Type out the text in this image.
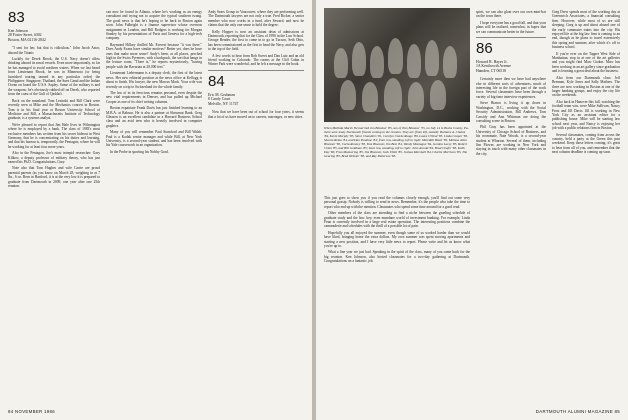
83
Ken Johnson
28 Foster Street, #302
Boston, MA 02116-2842

"I sent for her, but that is ridiculous." John Jacob Astor, aboard the Titanic

Luckily for Derek Brook, the U.S. Navy doesn't allow drinking aboard its naval vessels. Even more importantly, so far he has managed to avoid northern waters. When we last heard from Lieutenant Brook, he was in Minnesota (or being furnished touring tanned in any particular order) the Philippines: Singapore, Thailand, the Suez Canal and the Indian Ocean on board the U.S.S. Sapley. Some of the military is and the weapons: he's obviously rubbed off on Derek, who reported from the coast of the Gulf of Qaddafi.

Back on the mainland, Tom Lesinski and Bill Clark were recently seen at Mike and the Mechanics concert in Boston. Tom is in his final year at Boston University School of Medicine and Bill, a Massachusetts Institute of Technology graduate, is a systems analyst.

We're pleased to report that Jim Hale lives in Wilmington where he is employed by a bank. The class of 1983's most exclusive members has written from his secret hideout in West Germany, that he is concentrating on his duties and learning, and that his bureau is, temporarily, the Pentagon, where he will be working for at least four more years.

Also in the Pentagon, Joe's most intrepid researcher: Gary Kilkow, a deputy professor of military theory, who has just earned his Ph.D. Congratulations, Gary.

Note also that Tom Hughes and wife Carrie are proud parental parents (as you know on March 28, weighing in at 7 lbs., 6 oz. Born in Hartford, it is at the very low it is prepared to graduate from Dartmouth in 2009, one year after one 25th reunion.

can now be found in Atlanta, where he's working as an energy consultant and trying not to acquire the typical southern twang. The good news is that he's hoping to be back in Boston again soon. John Fulbright is a finance supervisor whose overseas assignment in London, and Bill Rodgers is working for Morgan Stanley by his presentations of Paris and Geneva for a high-tech company.

Raymond Hillary thrilled Mr. Everest because "it was there." Does Andy Evans have similar motives? Better yet, does he have ones that make more sense? Andy's been, at all places, perched high in the Swiss Pyrenees, with a backpack, the sort that hangs in the lecture room, "There is," he reports mysteriously, "having people with the Bavarian at 20,000 feet."

Lieutenant Liebermann is a deputy clerk, the first of the latest news. Her new editorial position at the news office at Kellogg is about to finish. His lawyer, the new Marcus Mack. Your wife was recently on a trip to Switzerland for the whole family.

The law of in its ferocious remains personal, even despite the new vital requirements in Denver, and has pulled up Michael Cooper as one of its chief writing columns.

Boston expatriate Frank Davis has just finished learning to an M.B.A. at Babson. He is also a partner at Shawmut Bank. Greg Gleason is an excellent candidate in a Harvard Business School class and an avid teen who is heavily involved in computer graphics.

Many of you will remember Paul Stamford and Bill Walsh. Paul is a Kodak senior manager and while Bill, at New York University, is a second-year student, and has been involved with his Yale coursework in an organization.

In the Probe in sporting his Nobby Grad.

Andy Sears Group in Vancouver, where they are performing well. The Dartmouth lawyers are not only a true. Fred Ricker, a senior member who now works in a fund, after Seward, and now he claims that the only one sense to hold the degree.

Kelly Hopper is now an assistant dean of admissions at Dartmouth, reporting that for the Class of 1990 in the Law School. George Bender, the first to come in to go in Tucson, Seth Ohio, has been commissioned as the first to head the Navy, and also gets to the top of the field.

A few words to hear from Rob Sweet and Dan Lutz and an old friend working in Colorado. The rooms at the Cliff Cabin in Winter Park were wonderful, and he left a message in the book.

84
Eric M. Grubman
8 Candy Court
Melville, NY 11747

Now that we have been out of school for four years, it seems that a lot of us have moved on to careers, marriages, or new cities.

84 NOVEMBER 1986
When Melinda Marsh '84 married Jon Bloomer '85, son of Tom Bloomer '55, on July 14 in Bucks County, Pa., there were many Dartmouth friends coming to the reunion. They are (from left, seated): Barbara A. Chabot '84, Kevin Murphy '85, Steve Chandlers '81, Carolyn Clarke Runge '80, Laura O'Neal '85, Linda Cooper '85, Sharon Reina '84, and Dan Posdnoe '84; front row, standing, left to right: Meredith Bisett '85, Melissa Allen Bloomer '85, Carla Ronney '83, Tom Bloomer, Jim Best '84, Wendy Montague '84, Gordon Lacey '85, Robert Chien '85, and Bill Goldman '85; back row, standing, left to right: John Arnold '84, Brad Chafer '83, Keith Day '80, Fran Mannering '85, Jim Bloomer, Jack Ullett '85, Joshua Marshall '84, Charlie Morrison '85, Tim Gearing '83, Brad Webster '83, and Ray Patterson '83.

This just goes to show you if you read the columns closely enough, you'll find out some very personal gossip. Nobody is willing to send in news. Remember, it's the people who take the time to report who end up with the mention. Classmates who spend some time around for a good read.

Other members of the class are attending to find a niche between the grueling schedule of graduate study and the law: key, even mundane world of investment banking. For example, Linda Feun is currently involved in a large real estate operation. The interesting positions combine the camaraderie and schedules with the thrill of a possible lot of pain.

Hopefully you all enjoyed the summer, even though some of us worked harder than we would have liked, bringing home the extra dollars. My own summer was spent moving apartments and starting a new position, and I have very little news to report. Please write and let us know what you're up to.

What a fine year we just had. Speaking in the spirit of the class, many of you came back for the big reunion. Ken Johnson, also hosted classmates for a two-day gathering at Dartmouth. Congratulations on a fantastic job.

spirit, we can also gloat over our own mini-bar on the town there.

I hope everyone has a good fall, and that your plans will be realized, somewhat, in hopes that we can communicate better in the future.

86
Howard R. Hayes Jr.
1A Kenilworth Avenue
Hamden, CT 06518

Certainly more then we have had anywhere else in different sorts of adventures, much of interesting life in the foreign part of the work force. Several classmates have been through a variety of big-time interview experiences.

Steve Bianco is living it up down in Washington, D.C., working with the Social Security Administration, Bill Andrews, Tom Cassidy and Ann Whitman are doing the consulting scene in Boston.

Phil Gray has been appointed at the University of Chicago School of Business, and his roommate, Nate Woods, is a second-year student at Wharton. Several of them, including Jim Flower, are working in New York and staying in touch with many other classmates in the city.

Greg Drew spends most of the working day at Greenwich Associates, a financial consulting firm. However, while most of us are still sleeping, Greg is up and about aboard one of the early commuter trains into the city. His enjoyed life at the big law firm is coming to an end, though as he plans to travel extensively this spring and summer, after which it's off to business school.

If you're ever on the Tapper West Side of Manhattan, stop in at one of the art galleries and you might find Marc Godon. Marc has been working in an art gallery since graduation and is learning a great deal about the business.

Also from our Dartmouth class: Jeff Brennan, Kyle Jones and Sally Mathers. The three are now working in Boston at one of the larger banking groups, and enjoy the city life on the weekends.

Also back in Hanover this fall, watching the football team win, were Mike Sullivan, Nancy Frost and Jill Davis. Jill is working in New York City as an assistant editor for a publishing house. Mike will be starting law school next year, and Nancy is enjoying her job with a public relations firm in Boston.

Several classmates, coming from across the country, held a party at the Green this past weekend. Keep those letters coming; it's great to hear from all of you, and remember that the next column deadline is coming up soon.

DARTMOUTH ALUMNI MAGAZINE 85
